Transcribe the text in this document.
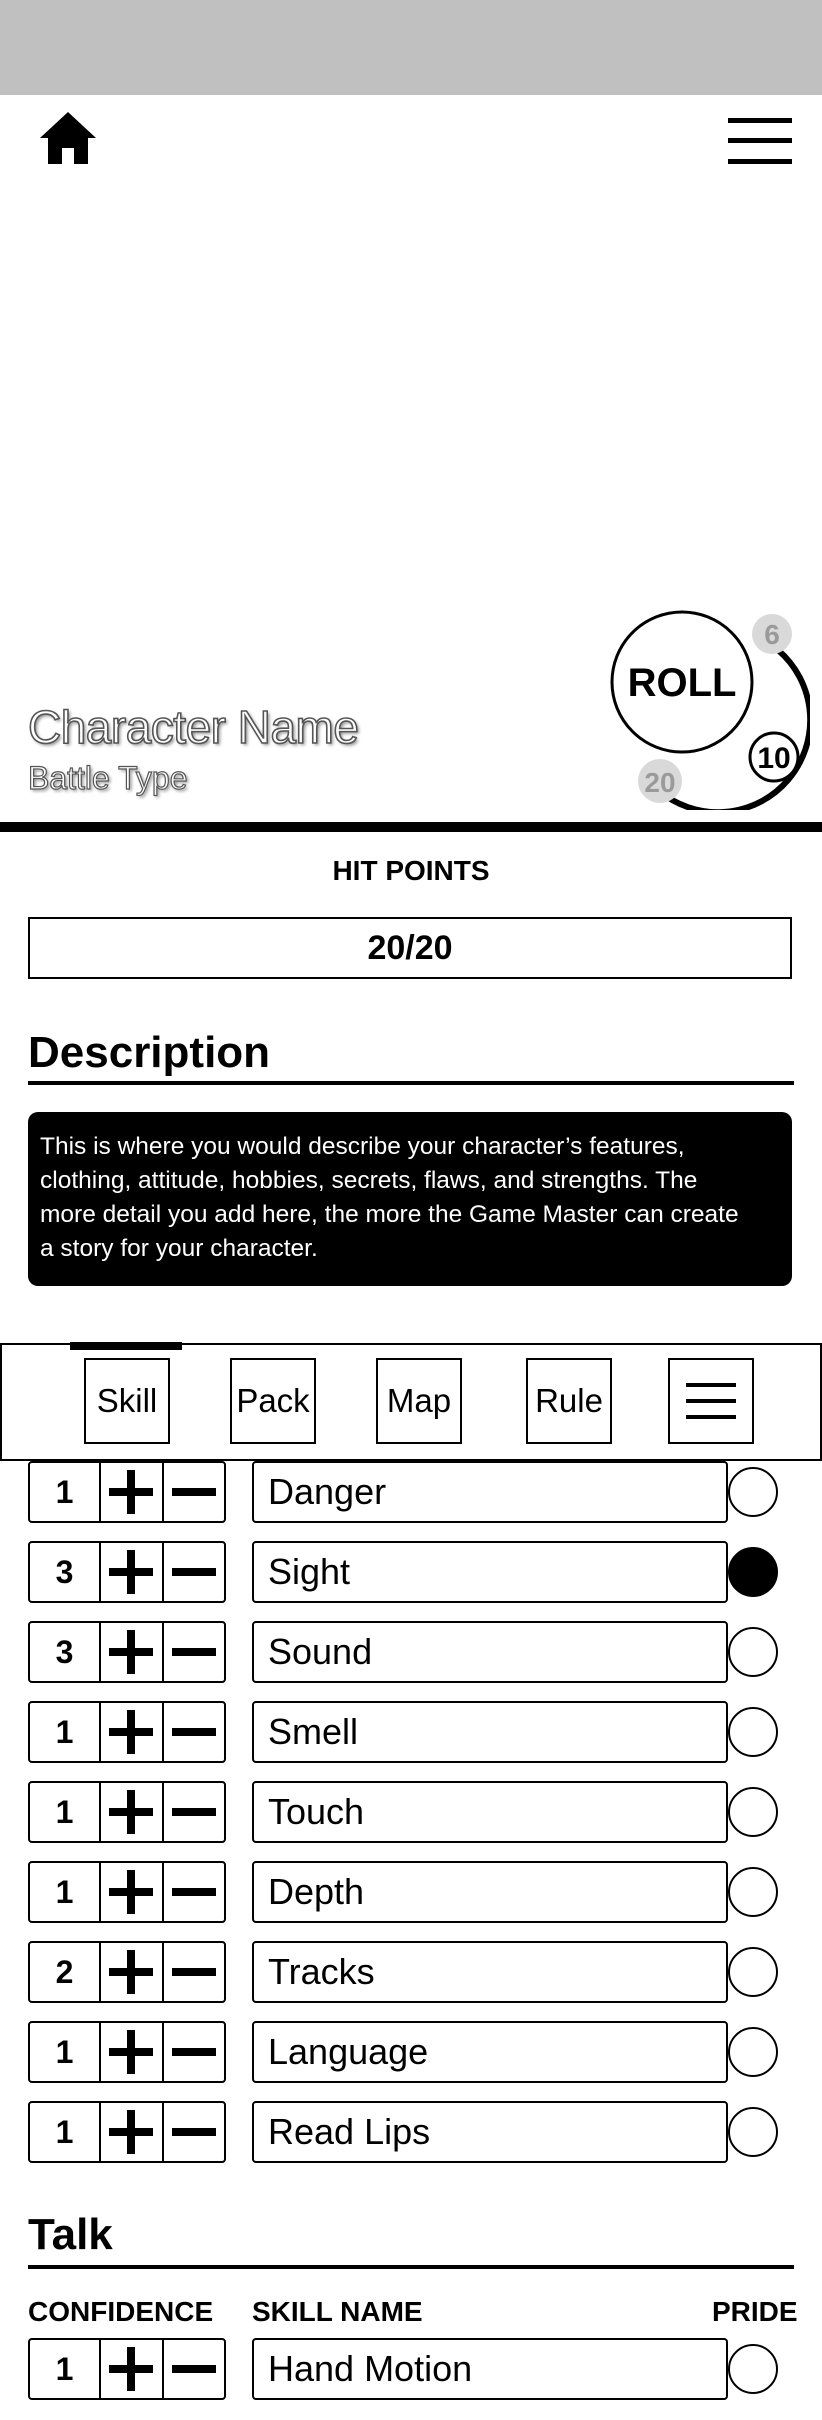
Character Name
Battle Type
ROLL
6
10
20
HIT POINTS
20/20
Description
This is where you would describe your character’s features,
clothing, attitude, hobbies, secrets, flaws, and strengths. The
more detail you add here, the more the Game Master can create
a story for your character.
Skill Pack Map	Rule
1	Danger
3	Sight
3	Sound
1	Smell
1	Touch
1	Depth
2	Tracks
1	Language
1	Read Lips
Talk
CONFIDENCE SKILL NAME	PRIDE
1	Hand Motion
